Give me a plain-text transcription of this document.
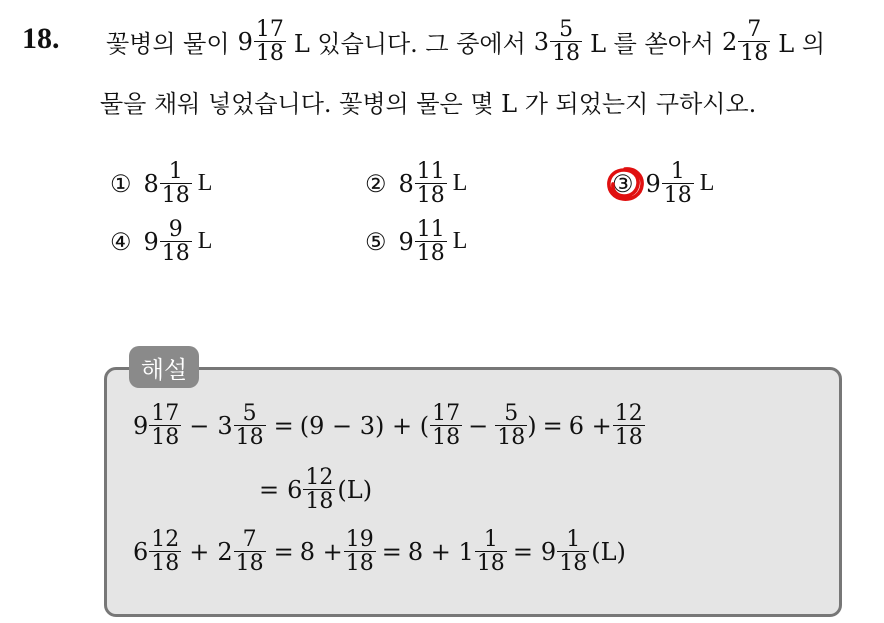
18. 꽃병의 물이 $9 \frac{17}{18}$ L 있습니다. 그 중에서 $3 \frac{5}{18}$ L 를 쏟아서 $2 \frac{7}{18}$ L 의
물을 채워 넣었습니다. 꽃병의 물은 몇 L 가 되었는지 구하시오.
① $8 \frac{1}{18}$ L	② $8 \frac{11}{18}$ L	③ $9 \frac{1}{18}$ L
④ $9 \frac{9}{18}$ L	⑤ $9 \frac{11}{18}$ L
$9 \frac{17}{18} - 3 \frac{5}{18} = (9 - 3)$ + ( $\frac{17}{18} - \frac{5}{18}$ ) = $6 + \frac{12}{18}$
= $6 \frac{12}{18} (L)$
$6 \frac{12}{18} + 2 \frac{7}{18} = 8 + \frac{19}{18} = 8 + 1 \frac{1}{18} = 9 \frac{1}{18} (L)$
해설
